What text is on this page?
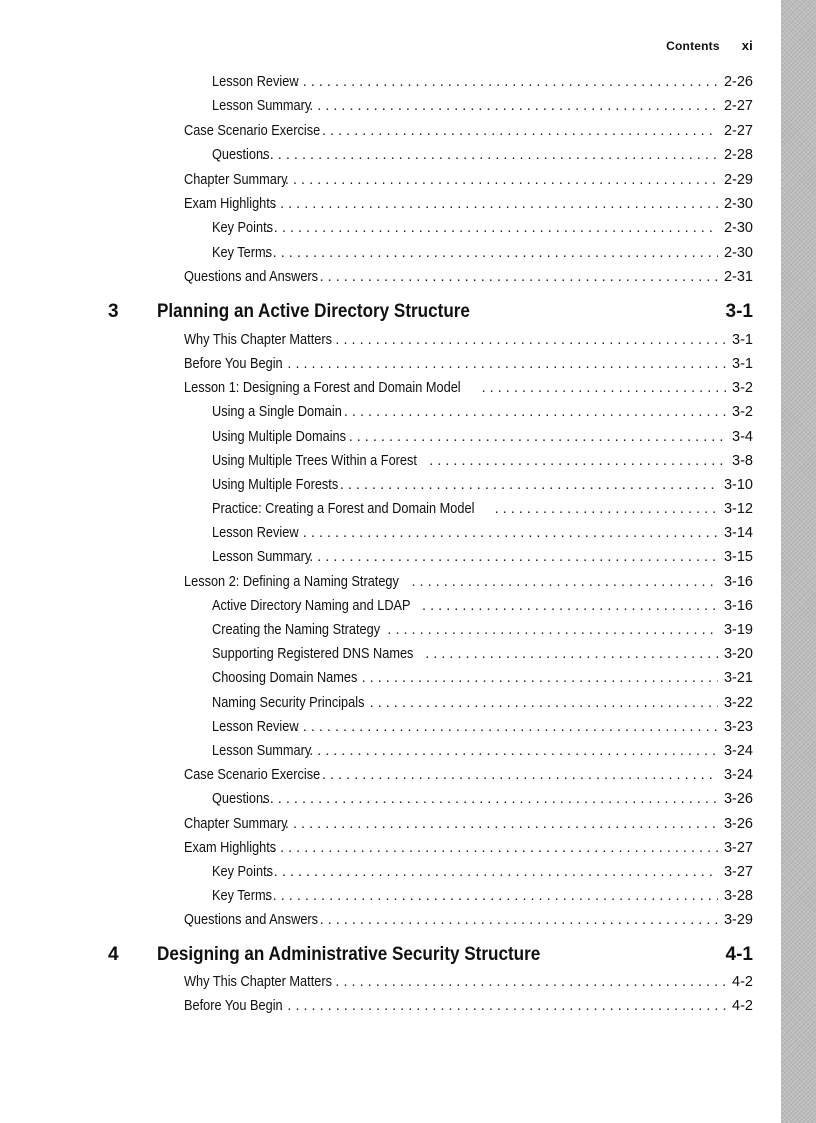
Contents xi
Lesson Review . . .	2-26
Lesson Summary . . .	2-27
Case Scenario Exercise . . .	2-27
Questions . . .	2-28
Chapter Summary . . .	2-29
Exam Highlights . . .	2-30
Key Points . . .	2-30
Key Terms . . .	2-30
Questions and Answers . . .	2-31
3	Planning an Active Directory Structure	3-1
Why This Chapter Matters . . .	3-1
Before You Begin . . .	3-1
Lesson 1: Designing a Forest and Domain Model . . .	3-2
Using a Single Domain . . .	3-2
Using Multiple Domains . . .	3-4
Using Multiple Trees Within a Forest . . .	3-8
Using Multiple Forests . . .	3-10
Practice: Creating a Forest and Domain Model . . .	3-12
Lesson Review . . .	3-14
Lesson Summary . . .	3-15
Lesson 2: Defining a Naming Strategy . . .	3-16
Active Directory Naming and LDAP . . .	3-16
Creating the Naming Strategy . . .	3-19
Supporting Registered DNS Names . . .	3-20
Choosing Domain Names . . .	3-21
Naming Security Principals . . .	3-22
Lesson Review . . .	3-23
Lesson Summary . . .	3-24
Case Scenario Exercise . . .	3-24
Questions . . .	3-26
Chapter Summary . . .	3-26
Exam Highlights . . .	3-27
Key Points . . .	3-27
Key Terms . . .	3-28
Questions and Answers . . .	3-29
4	Designing an Administrative Security Structure	4-1
Why This Chapter Matters . . .	4-2
Before You Begin . . .	4-2
